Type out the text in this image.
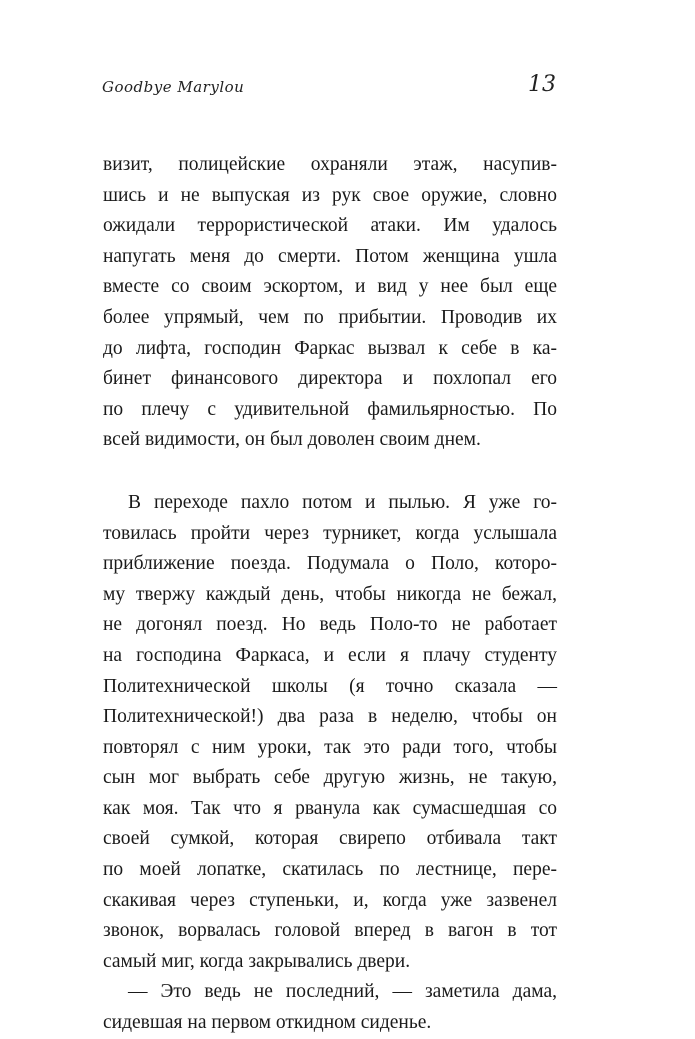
Goodbye Marylou	13
визит, полицейские охраняли этаж, насупив-
шись и не выпуская из рук свое оружие, словно
ожидали террористической атаки. Им удалось
напугать меня до смерти. Потом женщина ушла
вместе со своим эскортом, и вид у нее был еще
более упрямый, чем по прибытии. Проводив их
до лифта, господин Фаркас вызвал к себе в ка-
бинет финансового директора и похлопал его
по плечу с удивительной фамильярностью. По
всей видимости, он был доволен своим днем.
В переходе пахло потом и пылью. Я уже го-
товилась пройти через турникет, когда услышала
приближение поезда. Подумала о Поло, которо-
му твержу каждый день, чтобы никогда не бежал,
не догонял поезд. Но ведь Поло-то не работает
на господина Фаркаса, и если я плачу студенту
Политехнической школы (я точно сказала —
Политехнической!) два раза в неделю, чтобы он
повторял с ним уроки, так это ради того, чтобы
сын мог выбрать себе другую жизнь, не такую,
как моя. Так что я рванула как сумасшедшая со
своей сумкой, которая свирепо отбивала такт
по моей лопатке, скатилась по лестнице, пере-
скакивая через ступеньки, и, когда уже зазвенел
звонок, ворвалась головой вперед в вагон в тот
самый миг, когда закрывались двери.
— Это ведь не последний, — заметила дама,
сидевшая на первом откидном сиденье.
